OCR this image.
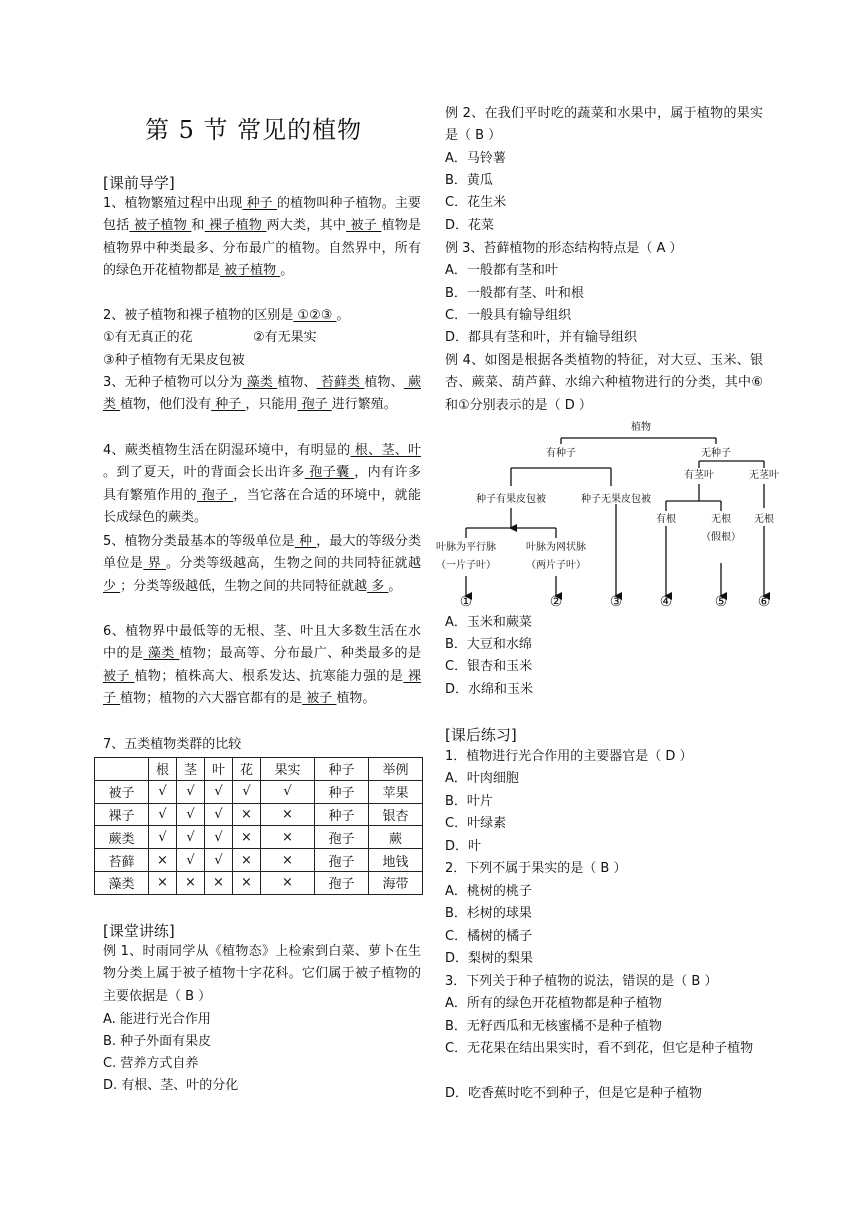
第 5 节 常见的植物
[课前导学]
1、植物繁殖过程中出现 种子 的植物叫种子植物。主要包括 被子植物 和 裸子植物 两大类，其中 被子 植物是植物界中种类最多、分布最广的植物。自然界中，所有的绿色开花植物都是 被子植物 。
2、被子植物和裸子植物的区别是 ①②③ 。
①有无真正的花	②有无果实
③种子植物有无果皮包被
3、无种子植物可以分为 藻类 植物、 苔藓类 植物、 蕨类 植物，他们没有 种子 ，只能用 孢子 进行繁殖。
4、蕨类植物生活在阴湿环境中，有明显的 根、茎、叶 。到了夏天，叶的背面会长出许多 孢子囊 ，内有许多具有繁殖作用的 孢子 ，当它落在合适的环境中，就能长成绿色的蕨类。
5、植物分类最基本的等级单位是 种 ，最大的等级分类单位是 界 。分类等级越高，生物之间的共同特征就越 少 ；分类等级越低，生物之间的共同特征就越 多 。
6、植物界中最低等的无根、茎、叶且大多数生活在水中的是 藻类 植物；最高等、分布最广、种类最多的是 被子 植物；植株高大、根系发达、抗寒能力强的是 裸子 植物；植物的六大器官都有的是 被子 植物。
7、五类植物类群的比较
	根	茎	叶	花	果实	种子	举例
被子	√	√	√	√	√	种子	苹果
裸子	√	√	√	×	×	种子	银杏
蕨类	√	√	√	×	×	孢子	蕨
苔藓	×	√	√	×	×	孢子	地钱
藻类	×	×	×	×	×	孢子	海带
[课堂讲练]
例 1、时雨同学从《植物态》上检索到白菜、萝卜在生物分类上属于被子植物十字花科。它们属于被子植物的主要依据是（ B ）
A. 能进行光合作用
B. 种子外面有果皮
C. 营养方式自养
D. 有根、茎、叶的分化
例 2、在我们平时吃的蔬菜和水果中，属于植物的果实是（ B ）
A．马铃薯
B．黄瓜
C．花生米
D．花菜
例 3、苔藓植物的形态结构特点是（ A ）
A．一般都有茎和叶
B．一般都有茎、叶和根
C．一般具有输导组织
D．都具有茎和叶，并有输导组织
例 4、如图是根据各类植物的特征，对大豆、玉米、银杏、蕨菜、葫芦藓、水绵六种植物进行的分类，其中⑥和①分别表示的是（ D ）
A．玉米和蕨菜
B．大豆和水绵
C．银杏和玉米
D．水绵和玉米
[课后练习]
1．植物进行光合作用的主要器官是（ D ）
A．叶肉细胞
B．叶片
C．叶绿素
D．叶
2．下列不属于果实的是（ B ）
A．桃树的桃子
B．杉树的球果
C．橘树的橘子
D．梨树的梨果
3．下列关于种子植物的说法，错误的是（ B ）
A．所有的绿色开花植物都是种子植物
B．无籽西瓜和无核蜜橘不是种子植物
C．无花果在结出果实时，看不到花，但它是种子植物
D．吃香蕉时吃不到种子，但是它是种子植物
植物
有种子	无种子
种子有果皮包被	种子无果皮包被
有茎叶	无茎叶
叶脉为平行脉
（一片子叶）
叶脉为网状脉
（两片子叶）
有根	无根
（假根）
无根
①	②	③	④	⑤ ⑥
